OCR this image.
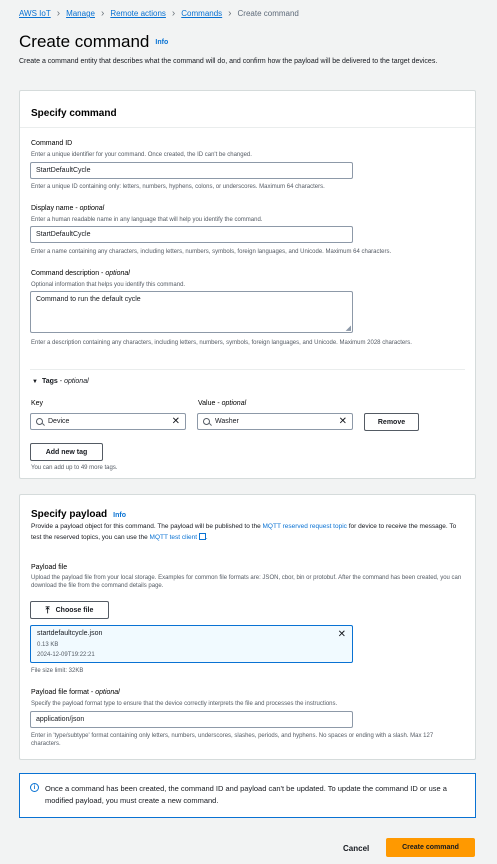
AWS IoT › Manage › Remote actions › Commands › Create command
Create command Info
Create a command entity that describes what the command will do, and confirm how the payload will be delivered to the target devices.
Specify command
Command ID
Enter a unique identifier for your command. Once created, the ID can't be changed.
StartDefaultCycle
Enter a unique ID containing only: letters, numbers, hyphens, colons, or underscores. Maximum 64 characters.
Display name - optional
Enter a human readable name in any language that will help you identify the command.
StartDefaultCycle
Enter a name containing any characters, including letters, numbers, symbols, foreign languages, and Unicode. Maximum 64 characters.
Command description - optional
Optional information that helps you identify this command.
Command to run the default cycle
◢
Enter a description containing any characters, including letters, numbers, symbols, foreign languages, and Unicode. Maximum 2028 characters.
▼ Tags - optional
Key	Value - optional
Device	✕	Washer	✕	Remove
Add new tag
You can add up to 49 more tags.
Specify payload Info
Provide a payload object for this command. The payload will be published to the MQTT reserved request topic for device to receive the message. To test the reserved topics, you can use the MQTT test client .
Payload file
Upload the payload file from your local storage. Examples for common file formats are: JSON, cbor, bin or protobuf. After the command has been created, you can download the file from the command details page.
⤒ Choose file
startdefaultcycle.json
0.13 KB
2024-12-09T19:22:21
✕
File size limit: 32KB
Payload file format - optional
Specify the payload format type to ensure that the device correctly interprets the file and processes the instructions.
application/json
Enter in 'type/subtype' format containing only letters, numbers, underscores, slashes, periods, and hyphens. No spaces or ending with a slash. Max 127 characters.
i	Once a command has been created, the command ID and payload can't be updated. To update the command ID or use a modified payload, you must create a new command.
Cancel	Create command
